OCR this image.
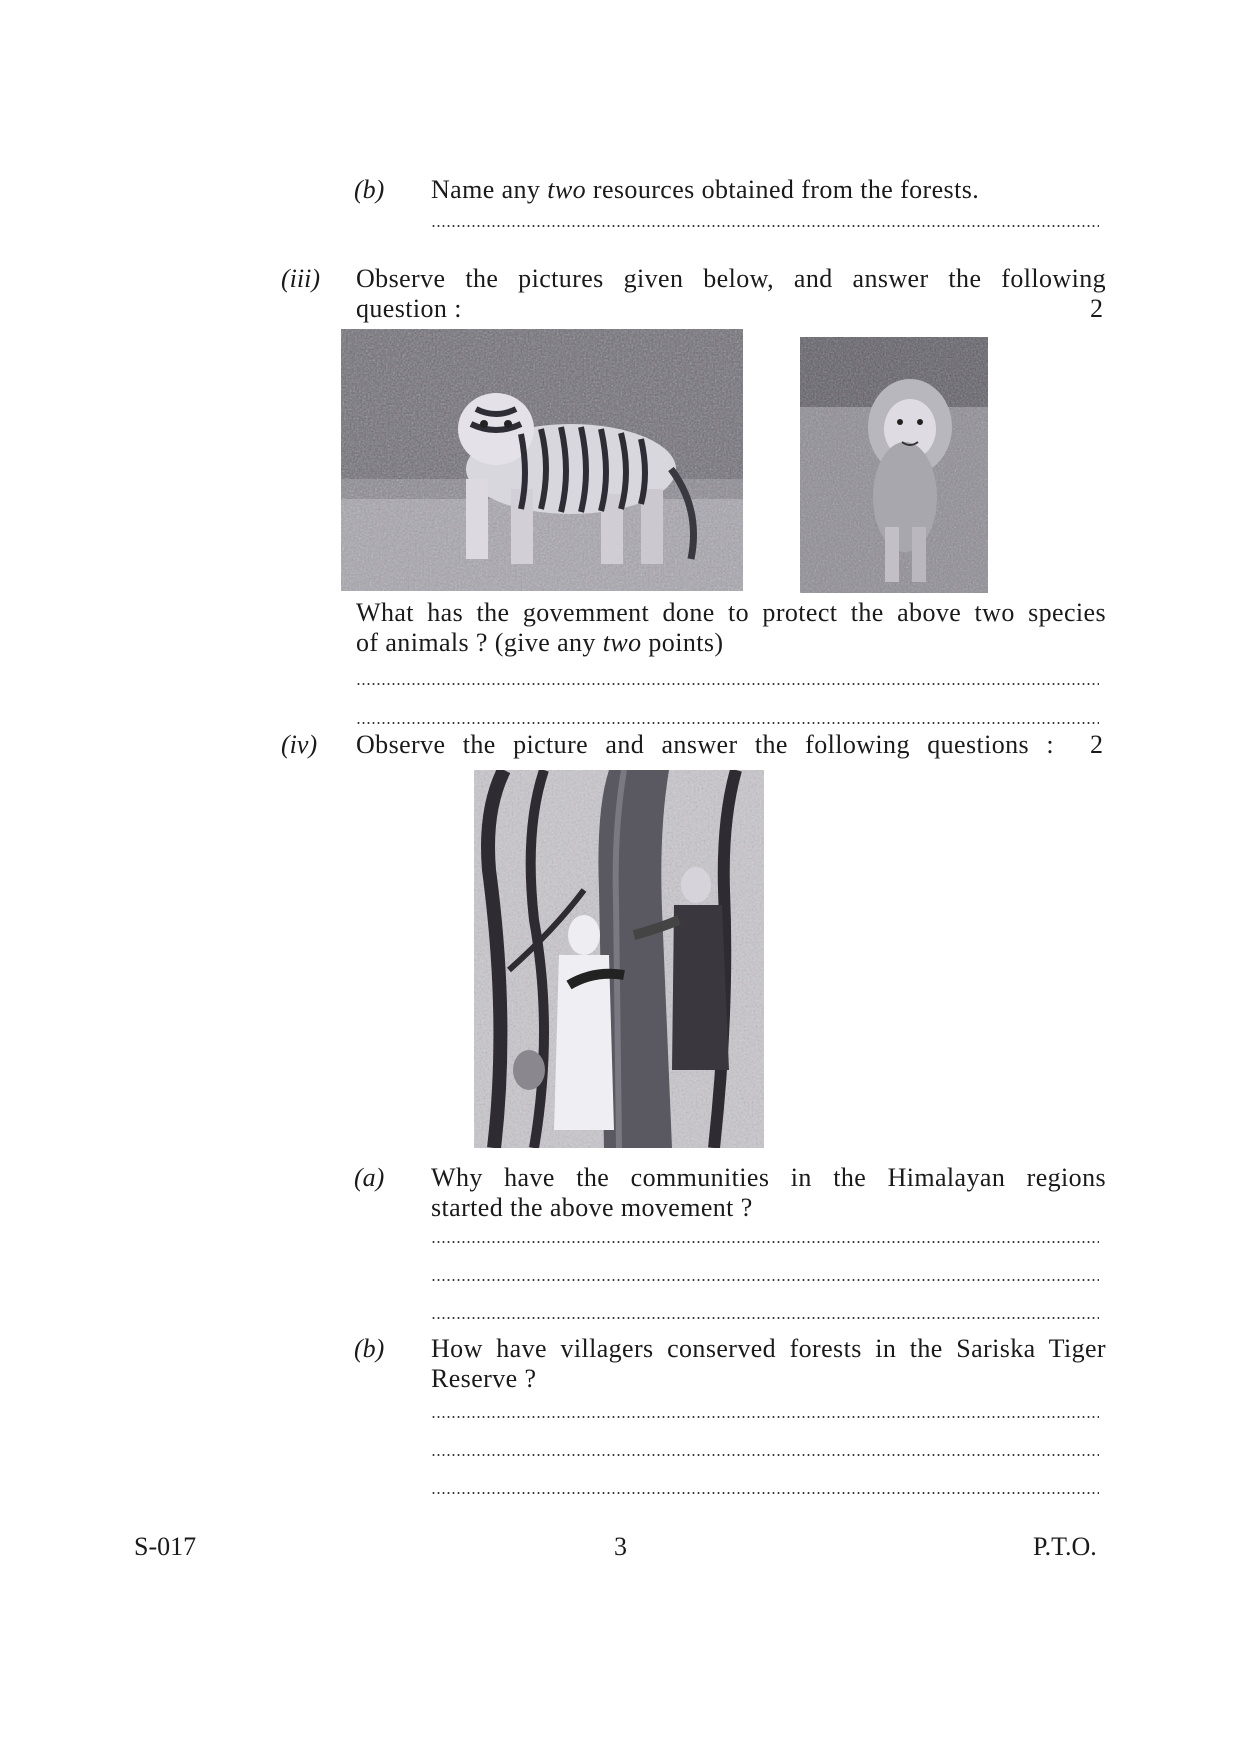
(b) Name any two resources obtained from the forests.
(iii) Observe the pictures given below, and answer the following
question :	2
What has the govemment done to protect the above two species
of animals ? (give any two points)
(iv) Observe the picture and answer the following questions : 2
(a) Why have the communities in the Himalayan regions
started the above movement ?
(b) How have villagers conserved forests in the Sariska Tiger
Reserve ?
S-017	3	P.T.O.
